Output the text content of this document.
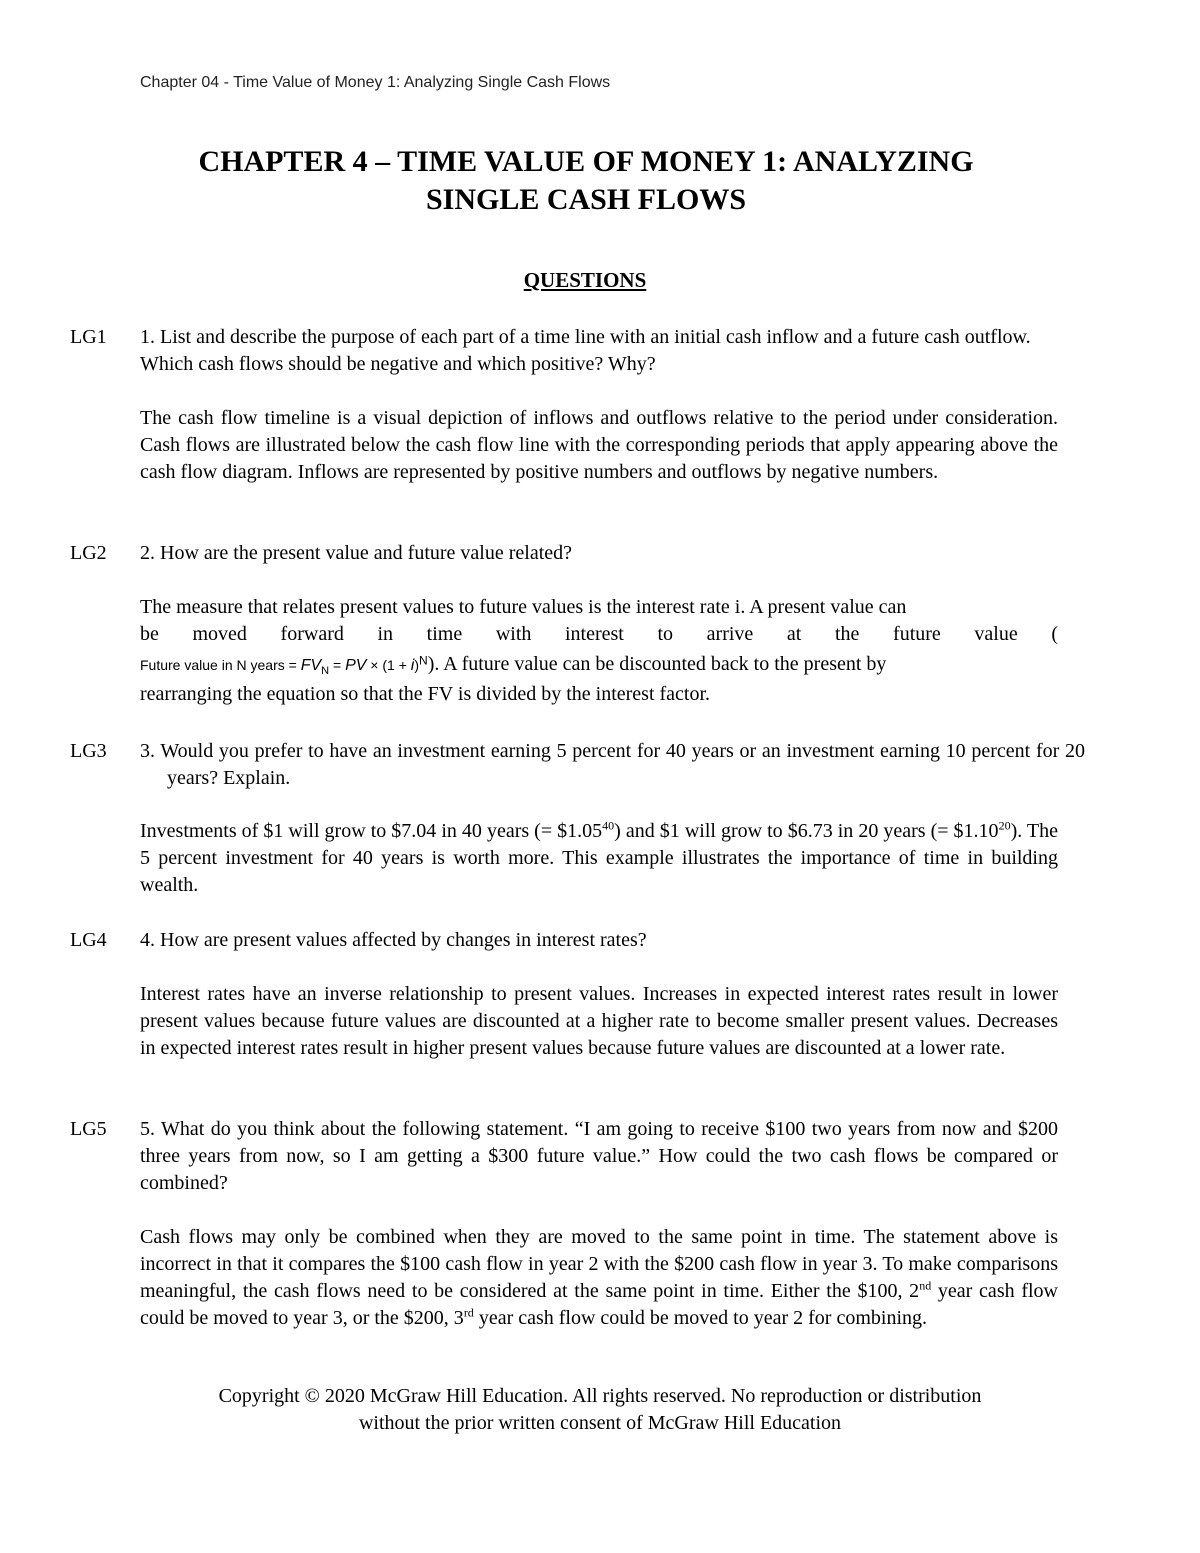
Chapter 04 - Time Value of Money 1: Analyzing Single Cash Flows
CHAPTER 4 – TIME VALUE OF MONEY 1: ANALYZING
SINGLE CASH FLOWS
QUESTIONS
LG1 1. List and describe the purpose of each part of a time line with an initial cash inflow and a future cash outflow. Which cash flows should be negative and which positive? Why?
The cash flow timeline is a visual depiction of inflows and outflows relative to the period under consideration. Cash flows are illustrated below the cash flow line with the corresponding periods that apply appearing above the cash flow diagram. Inflows are represented by positive numbers and outflows by negative numbers.
LG2 2. How are the present value and future value related?
The measure that relates present values to future values is the interest rate i. A present value can
be moved forward in time with interest to arrive at the future value (
Future value in N years = $FV_N$ = PV × $(1 + i)^N$). A future value can be discounted back to the present by
rearranging the equation so that the FV is divided by the interest factor.
LG3 3. Would you prefer to have an investment earning 5 percent for 40 years or an investment earning 10 percent for 20 years? Explain.
Investments of $1 will grow to $7.04 in 40 years (= $\$1.05^{40}$) and $1 will grow to $6.73 in 20 years (= $\$1.10^{20}$). The 5 percent investment for 40 years is worth more. This example illustrates the importance of time in building wealth.
LG4 4. How are present values affected by changes in interest rates?
Interest rates have an inverse relationship to present values. Increases in expected interest rates result in lower present values because future values are discounted at a higher rate to become smaller present values. Decreases in expected interest rates result in higher present values because future values are discounted at a lower rate.
LG5 5. What do you think about the following statement. “I am going to receive $100 two years from now and $200 three years from now, so I am getting a $300 future value.” How could the two cash flows be compared or combined?
Cash flows may only be combined when they are moved to the same point in time. The statement above is incorrect in that it compares the $100 cash flow in year 2 with the $200 cash flow in year 3. To make comparisons meaningful, the cash flows need to be considered at the same point in time. Either the $100, 2nd year cash flow could be moved to year 3, or the $200, 3rd year cash flow could be moved to year 2 for combining.
Copyright © 2020 McGraw Hill Education. All rights reserved. No reproduction or distribution
without the prior written consent of McGraw Hill Education
